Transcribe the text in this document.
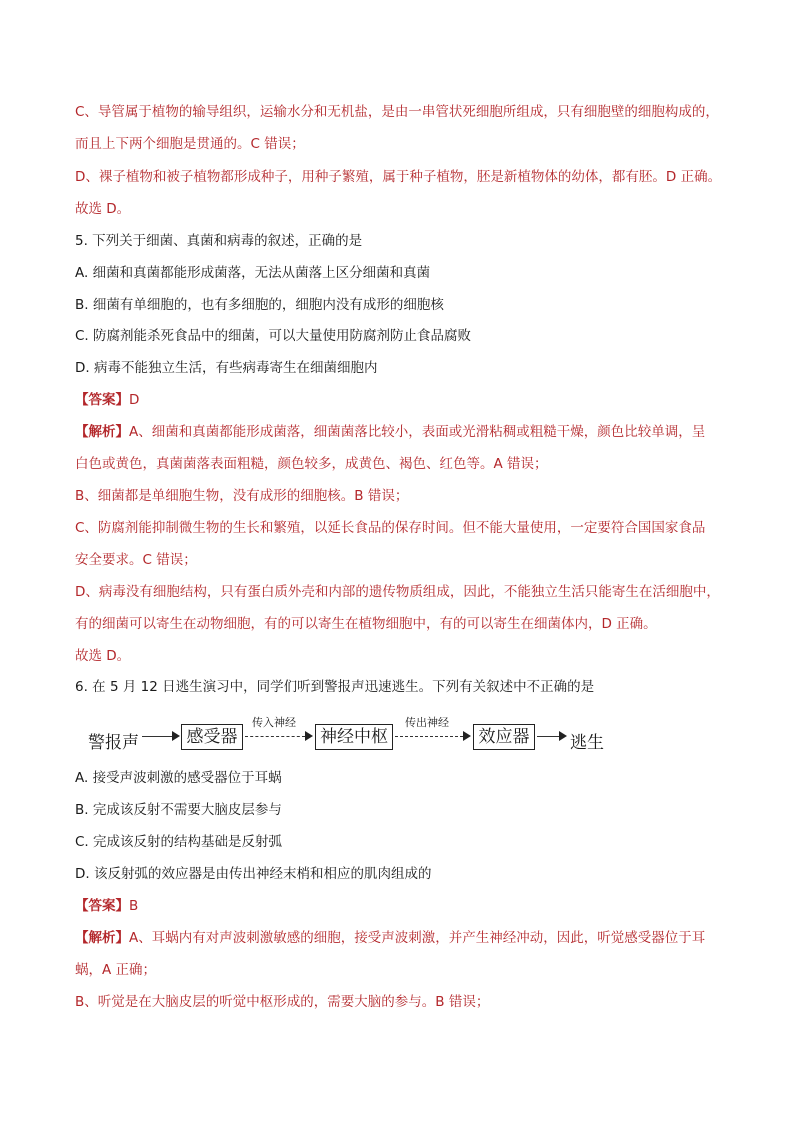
C、导管属于植物的输导组织，运输水分和无机盐，是由一串管状死细胞所组成，只有细胞壁的细胞构成的，
而且上下两个细胞是贯通的。C 错误；
D、裸子植物和被子植物都形成种子，用种子繁殖，属于种子植物，胚是新植物体的幼体，都有胚。D 正确。
故选 D。
5. 下列关于细菌、真菌和病毒的叙述，正确的是
A. 细菌和真菌都能形成菌落，无法从菌落上区分细菌和真菌
B. 细菌有单细胞的，也有多细胞的，细胞内没有成形的细胞核
C. 防腐剂能杀死食品中的细菌，可以大量使用防腐剂防止食品腐败
D. 病毒不能独立生活，有些病毒寄生在细菌细胞内
【答案】D
【解析】A、细菌和真菌都能形成菌落，细菌菌落比较小，表面或光滑粘稠或粗糙干燥，颜色比较单调，呈
白色或黄色，真菌菌落表面粗糙，颜色较多，成黄色、褐色、红色等。A 错误；
B、细菌都是单细胞生物，没有成形的细胞核。B 错误；
C、防腐剂能抑制微生物的生长和繁殖，以延长食品的保存时间。但不能大量使用，一定要符合国国家食品
安全要求。C 错误；
D、病毒没有细胞结构，只有蛋白质外壳和内部的遗传物质组成，因此，不能独立生活只能寄生在活细胞中，
有的细菌可以寄生在动物细胞，有的可以寄生在植物细胞中，有的可以寄生在细菌体内，D 正确。
故选 D。
6. 在 5 月 12 日逃生演习中，同学们听到警报声迅速逃生。下列有关叙述中不正确的是
警报声	感受器
传入神经
神经中枢
传出神经
效应器	逃生
A. 接受声波刺激的感受器位于耳蜗
B. 完成该反射不需要大脑皮层参与
C. 完成该反射的结构基础是反射弧
D. 该反射弧的效应器是由传出神经末梢和相应的肌肉组成的
【答案】B
【解析】A、耳蜗内有对声波刺激敏感的细胞，接受声波刺激，并产生神经冲动，因此，听觉感受器位于耳
蜗，A 正确；
B、听觉是在大脑皮层的听觉中枢形成的，需要大脑的参与。B 错误；
